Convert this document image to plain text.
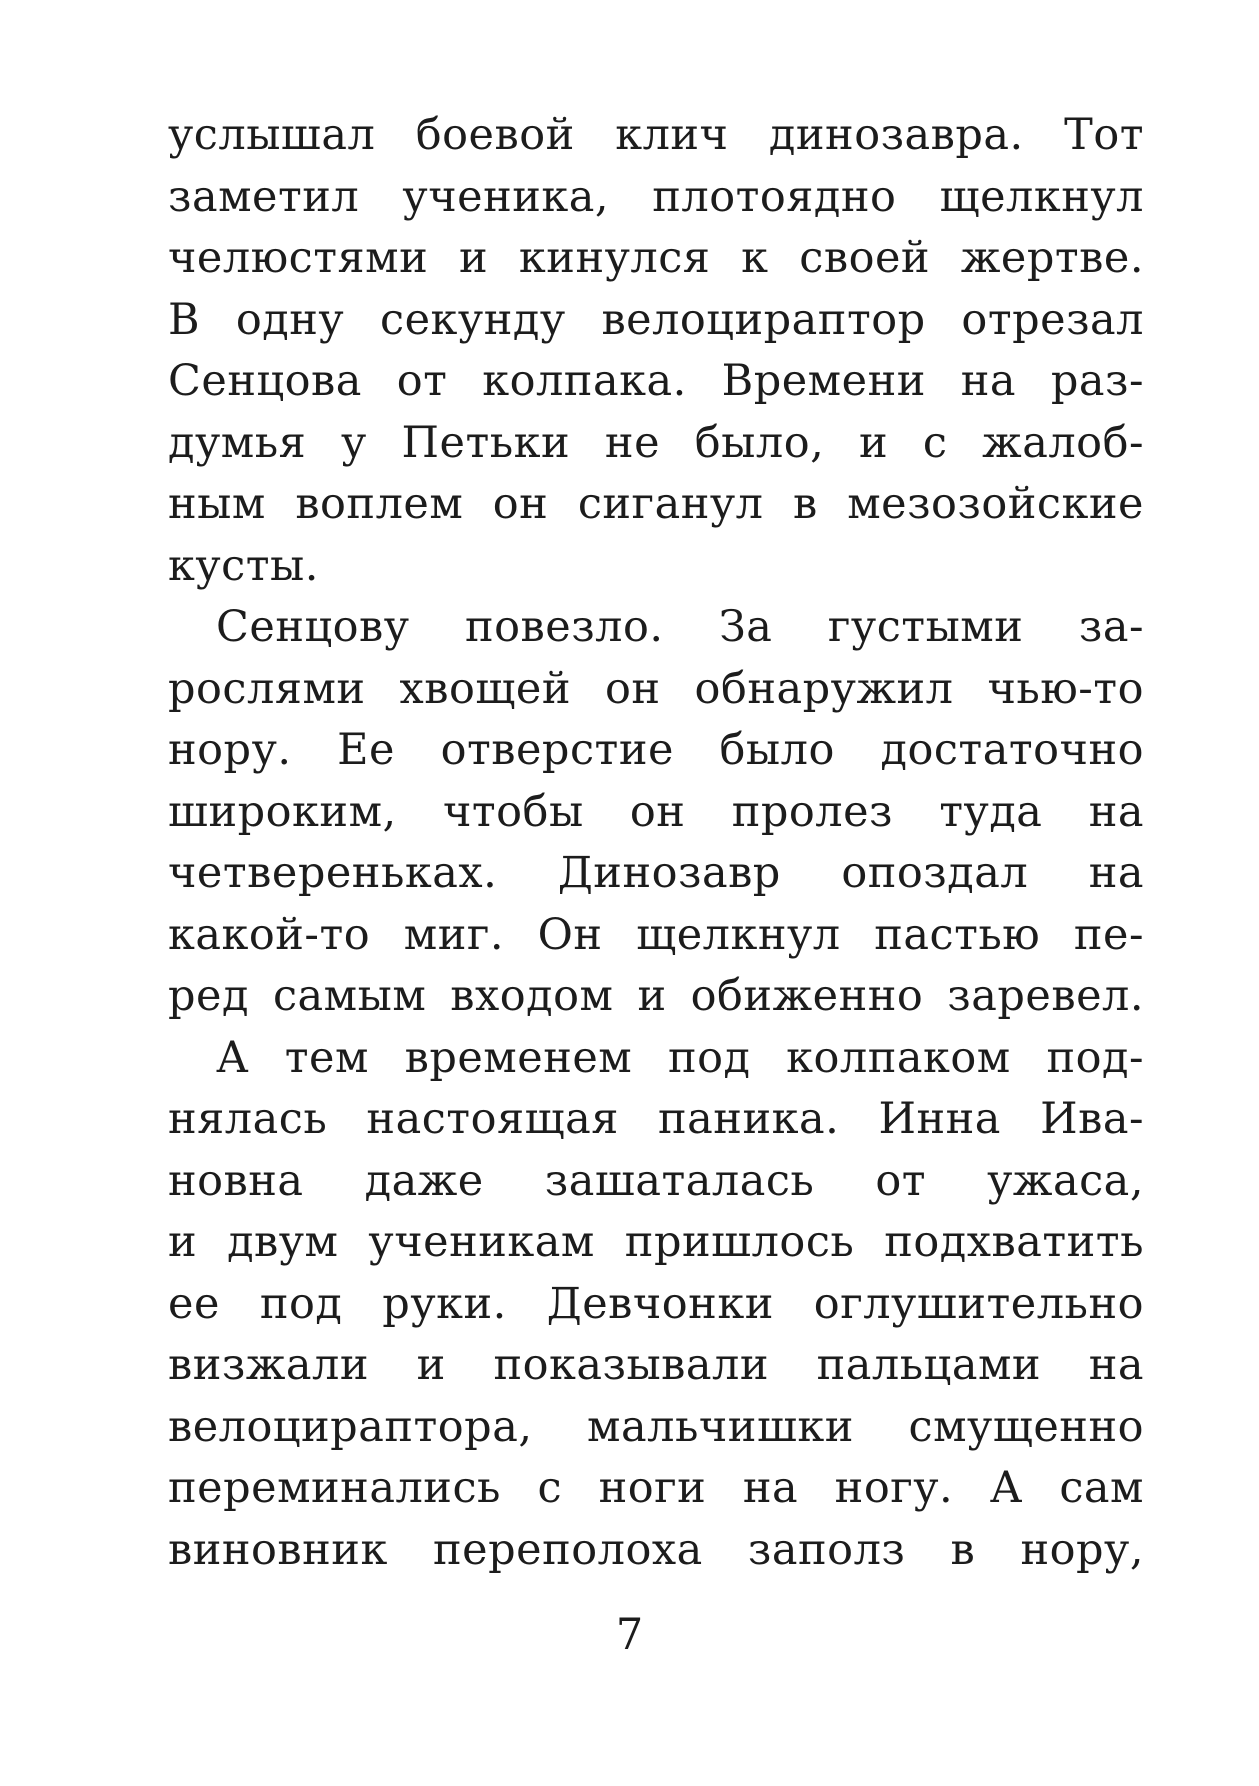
услышал боевой клич динозавра. Тот
заметил ученика, плотоядно щелкнул
челюстями и кинулся к своей жертве.
В одну секунду велоцираптор отрезал
Сенцова от колпака. Времени на раз-
думья у Петьки не было, и с жалоб-
ным воплем он сиганул в мезозойские
кусты.
Сенцову повезло. За густыми за-
рослями хвощей он обнаружил чью-то
нору. Ее отверстие было достаточно
широким, чтобы он пролез туда на
четвереньках. Динозавр опоздал на
какой-то миг. Он щелкнул пастью пе-
ред самым входом и обиженно заревел.
А тем временем под колпаком под-
нялась настоящая паника. Инна Ива-
новна даже зашаталась от ужаса,
и двум ученикам пришлось подхватить
ее под руки. Девчонки оглушительно
визжали и показывали пальцами на
велоцираптора, мальчишки смущенно
переминались с ноги на ногу. А сам
виновник переполоха заполз в нору,
7
